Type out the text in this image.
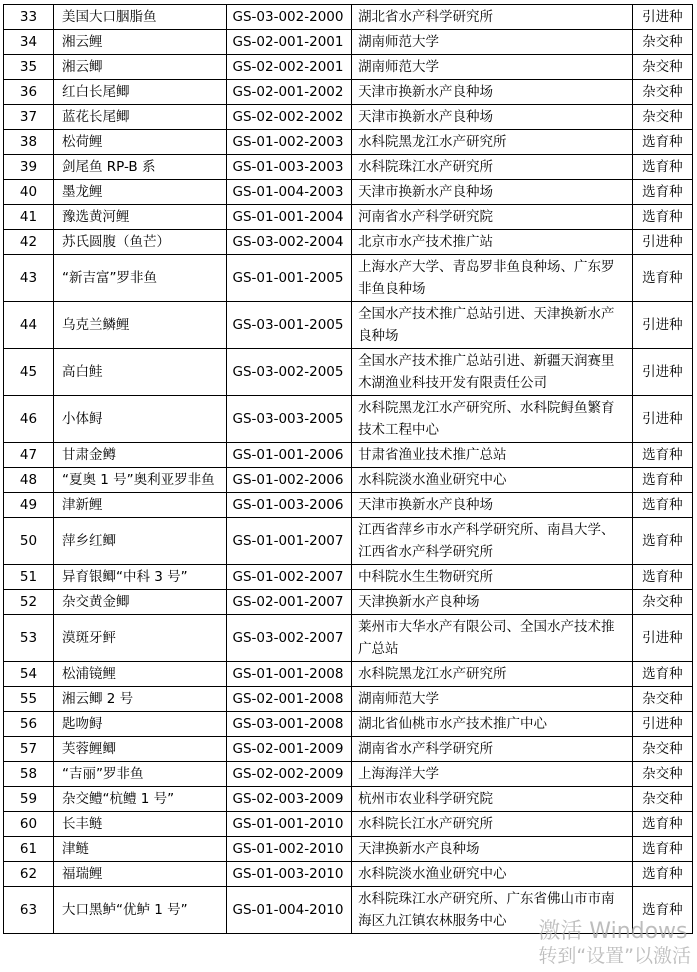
33	美国大口胭脂鱼	GS-03-002-2000	湖北省水产科学研究所	引进种
34	湘云鲤	GS-02-001-2001	湖南师范大学	杂交种
35	湘云鲫	GS-02-002-2001	湖南师范大学	杂交种
36	红白长尾鲫	GS-02-001-2002	天津市换新水产良种场	杂交种
37	蓝花长尾鲫	GS-02-002-2002	天津市换新水产良种场	杂交种
38	松荷鲤	GS-01-002-2003	水科院黑龙江水产研究所	选育种
39	剑尾鱼 RP-B 系	GS-01-003-2003	水科院珠江水产研究所	选育种
40	墨龙鲤	GS-01-004-2003	天津市换新水产良种场	选育种
41	豫选黄河鲤	GS-01-001-2004	河南省水产科学研究院	选育种
42	苏氏圆腹（鱼芒）	GS-03-002-2004	北京市水产技术推广站	引进种
43	“新吉富”罗非鱼	GS-01-001-2005	上海水产大学、青岛罗非鱼良种场、广东罗非鱼良种场	选育种
44	乌克兰鳞鲤	GS-03-001-2005	全国水产技术推广总站引进、天津换新水产良种场	引进种
45	高白鲑	GS-03-002-2005	全国水产技术推广总站引进、新疆天润赛里木湖渔业科技开发有限责任公司	引进种
46	小体鲟	GS-03-003-2005	水科院黑龙江水产研究所、水科院鲟鱼繁育技术工程中心	引进种
47	甘肃金鳟	GS-01-001-2006	甘肃省渔业技术推广总站	选育种
48	“夏奥 1 号”奥利亚罗非鱼	GS-01-002-2006	水科院淡水渔业研究中心	选育种
49	津新鲤	GS-01-003-2006	天津市换新水产良种场	选育种
50	萍乡红鲫	GS-01-001-2007	江西省萍乡市水产科学研究所、南昌大学、江西省水产科学研究所	选育种
51	异育银鲫“中科 3 号”	GS-01-002-2007	中科院水生生物研究所	选育种
52	杂交黄金鲫	GS-02-001-2007	天津换新水产良种场	杂交种
53	漠斑牙鲆	GS-03-002-2007	莱州市大华水产有限公司、全国水产技术推广总站	引进种
54	松浦镜鲤	GS-01-001-2008	水科院黑龙江水产研究所	选育种
55	湘云鲫 2 号	GS-02-001-2008	湖南师范大学	杂交种
56	匙吻鲟	GS-03-001-2008	湖北省仙桃市水产技术推广中心	引进种
57	芙蓉鲤鲫	GS-02-001-2009	湖南省水产科学研究所	杂交种
58	“吉丽”罗非鱼	GS-02-002-2009	上海海洋大学	杂交种
59	杂交鳢“杭鳢 1 号”	GS-02-003-2009	杭州市农业科学研究院	杂交种
60	长丰鲢	GS-01-001-2010	水科院长江水产研究所	选育种
61	津鲢	GS-01-002-2010	天津换新水产良种场	选育种
62	福瑞鲤	GS-01-003-2010	水科院淡水渔业研究中心	选育种
63	大口黑鲈“优鲈 1 号”	GS-01-004-2010	水科院珠江水产研究所、广东省佛山市市南海区九江镇农林服务中心	选育种
激活 Windows
转到“设置”以激活
